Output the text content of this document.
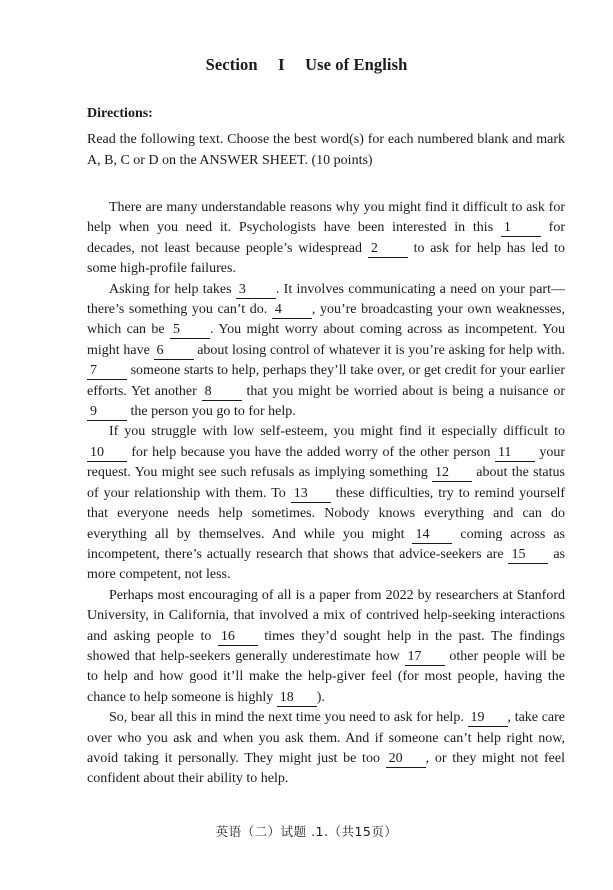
Section I Use of English
Directions:
Read the following text. Choose the best word(s) for each numbered blank and mark A, B, C or D on the ANSWER SHEET. (10 points)

There are many understandable reasons why you might find it difficult to ask for help when you need it. Psychologists have been interested in this 1 for decades, not least because people’s widespread 2 to ask for help has led to some high-profile failures.

Asking for help takes 3 . It involves communicating a need on your part—there’s something you can’t do. 4 , you’re broadcasting your own weaknesses, which can be 5 . You might worry about coming across as incompetent. You might have 6 about losing control of whatever it is you’re asking for help with. 7 someone starts to help, perhaps they’ll take over, or get credit for your earlier efforts. Yet another 8 that you might be worried about is being a nuisance or 9 the person you go to for help.

If you struggle with low self-esteem, you might find it especially difficult to 10 for help because you have the added worry of the other person 11 your request. You might see such refusals as implying something 12 about the status of your relationship with them. To 13 these difficulties, try to remind yourself that everyone needs help sometimes. Nobody knows everything and can do everything all by themselves. And while you might 14 coming across as incompetent, there’s actually research that shows that advice-seekers are 15 as more competent, not less.

Perhaps most encouraging of all is a paper from 2022 by researchers at Stanford University, in California, that involved a mix of contrived help-seeking interactions and asking people to 16 times they’d sought help in the past. The findings showed that help-seekers generally underestimate how 17 other people will be to help and how good it’ll make the help-giver feel (for most people, having the chance to help someone is highly 18 ).

So, bear all this in mind the next time you need to ask for help. 19 , take care over who you ask and when you ask them. And if someone can’t help right now, avoid taking it personally. They might just be too 20 , or they might not feel confident about their ability to help.

英语（二）试题 .1.（共15页）
